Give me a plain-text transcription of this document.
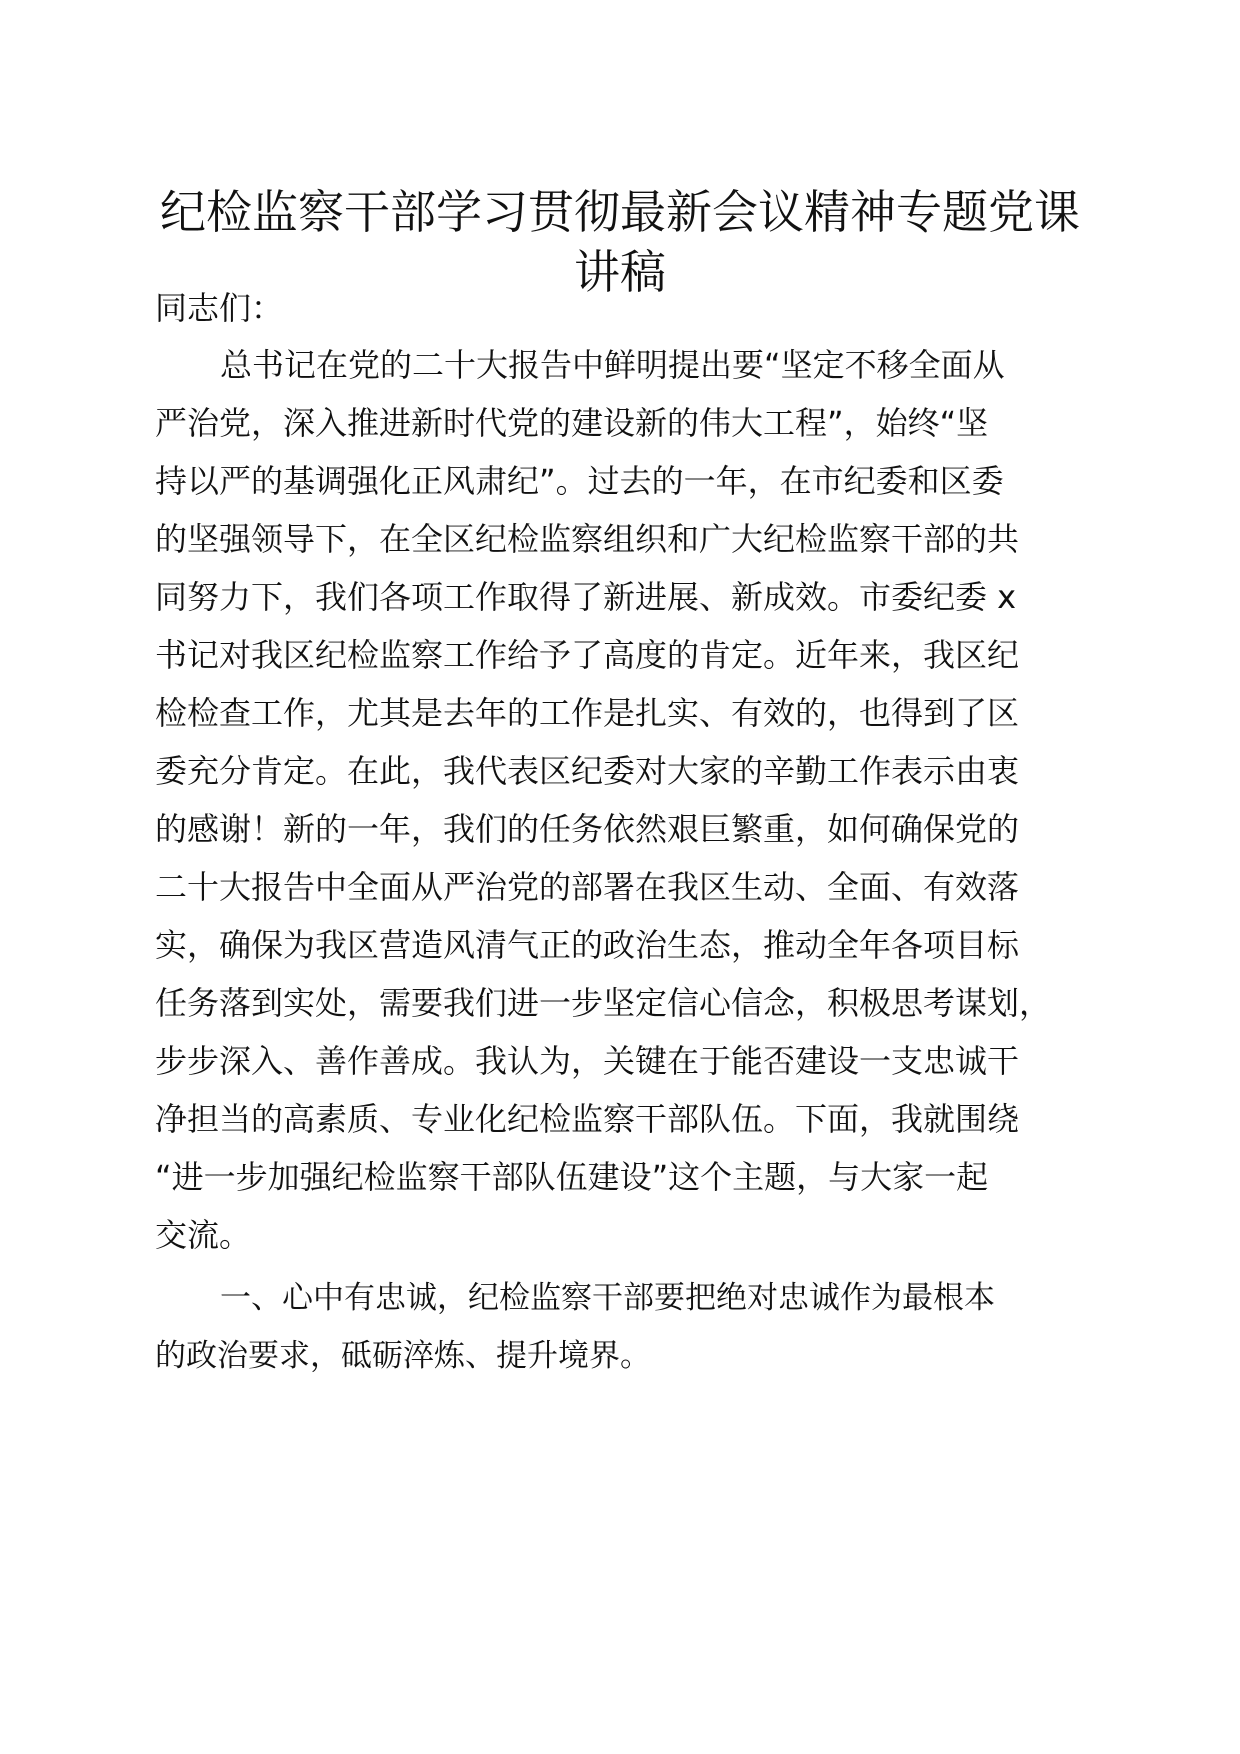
纪检监察干部学习贯彻最新会议精神专题党课
讲稿
同志们：
总书记在党的二十大报告中鲜明提出要“坚定不移全面从
严治党，深入推进新时代党的建设新的伟大工程”，始终“坚
持以严的基调强化正风肃纪”。过去的一年，在市纪委和区委
的坚强领导下，在全区纪检监察组织和广大纪检监察干部的共
同努力下，我们各项工作取得了新进展、新成效。市委纪委 x
书记对我区纪检监察工作给予了高度的肯定。近年来，我区纪
检检查工作，尤其是去年的工作是扎实、有效的，也得到了区
委充分肯定。在此，我代表区纪委对大家的辛勤工作表示由衷
的感谢！新的一年，我们的任务依然艰巨繁重，如何确保党的
二十大报告中全面从严治党的部署在我区生动、全面、有效落
实，确保为我区营造风清气正的政治生态，推动全年各项目标
任务落到实处，需要我们进一步坚定信心信念，积极思考谋划，
步步深入、善作善成。我认为，关键在于能否建设一支忠诚干
净担当的高素质、专业化纪检监察干部队伍。下面，我就围绕
“进一步加强纪检监察干部队伍建设”这个主题，与大家一起
交流。
一、心中有忠诚，纪检监察干部要把绝对忠诚作为最根本
的政治要求，砥砺淬炼、提升境界。
